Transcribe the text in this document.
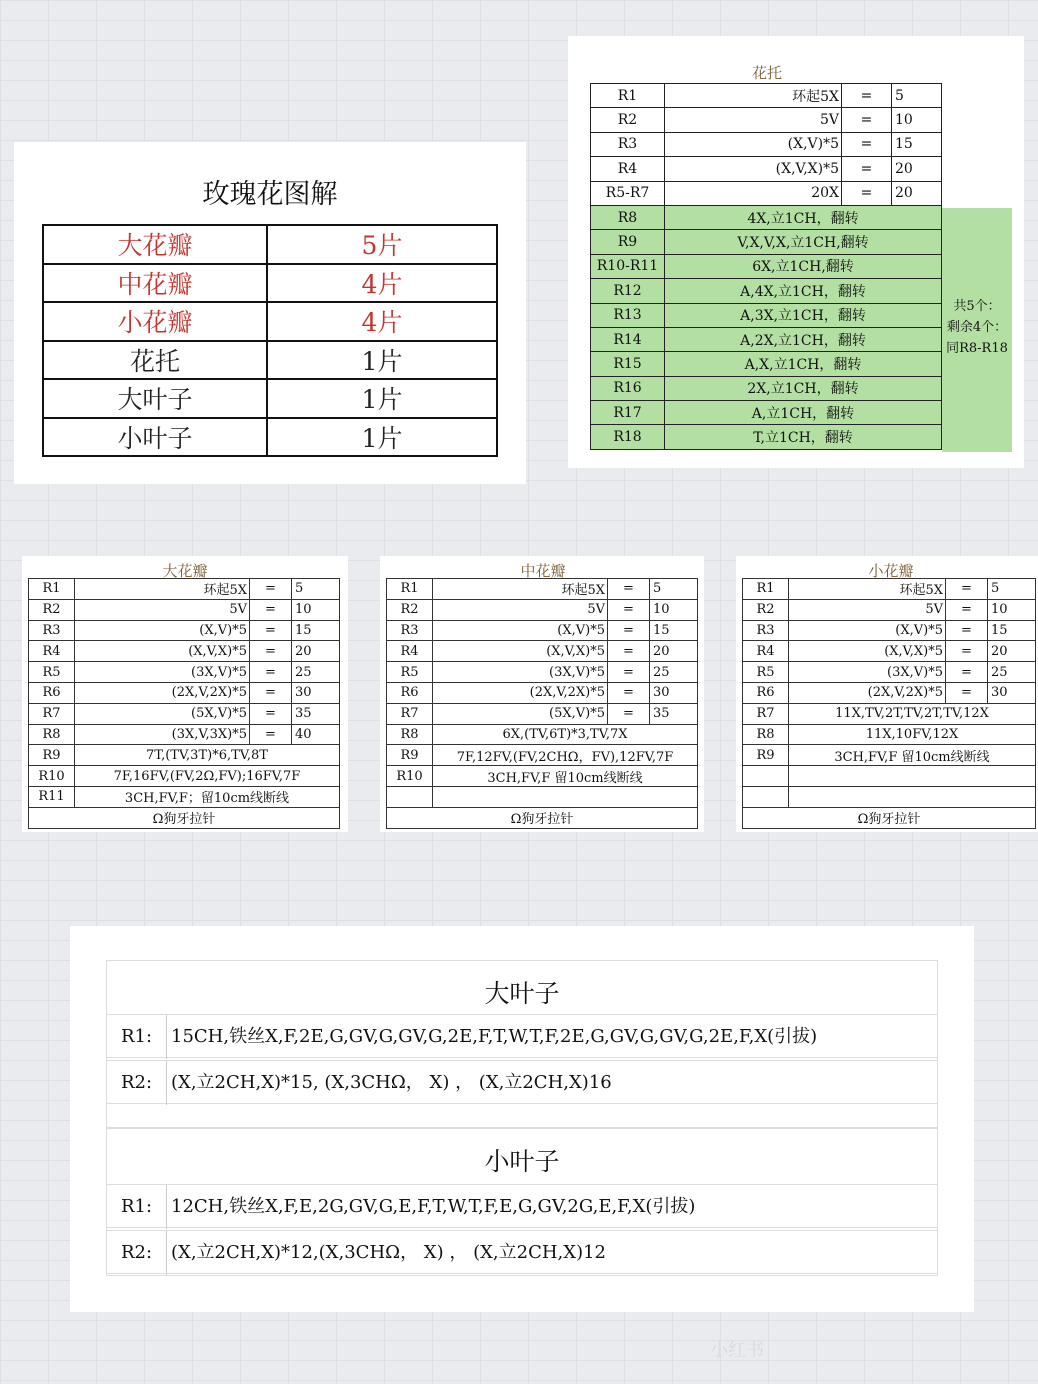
玫瑰花图解
大花瓣	5片
中花瓣	4片
小花瓣	4片
花托	1片
大叶子	1片
小叶子	1片
花托
R1	环起5X	=	5
R2	5V	=	10
R3	(X,V)*5	=	15
R4	(X,V,X)*5	=	20
R5-R7	20X	=	20
R8	4X,立1CH，翻转		
R9	V,X,V,X,立1CH,翻转		
R10-R11	6X,立1CH,翻转		
R12	A,4X,立1CH，翻转		
R13	A,3X,立1CH，翻转		
R14	A,2X,立1CH，翻转		
R15	A,X,立1CH，翻转		
R16	2X,立1CH，翻转		
R17	A,立1CH，翻转		
R18	T,立1CH，翻转		
共5个：
剩余4个：
同R8-R18
大花瓣
R1	环起5X	=	5
R2	5V	=	10
R3	(X,V)*5	=	15
R4	(X,V,X)*5	=	20
R5	(3X,V)*5	=	25
R6	(2X,V,2X)*5	=	30
R7	(5X,V)*5	=	35
R8	(3X,V,3X)*5	=	40
R9	7T,(TV,3T)*6,TV,8T		
R10	7F,16FV,(FV,2Ω,FV);16FV,7F		
R11	3CH,FV,F；留10cm线断线		
Ω狗牙拉针			
中花瓣
R1	环起5X	=	5
R2	5V	=	10
R3	(X,V)*5	=	15
R4	(X,V,X)*5	=	20
R5	(3X,V)*5	=	25
R6	(2X,V,2X)*5	=	30
R7	(5X,V)*5	=	35
R8	6X,(TV,6T)*3,TV,7X		
R9	7F,12FV,(FV,2CHΩ，FV),12FV,7F		
R10	3CH,FV,F 留10cm线断线		

Ω狗牙拉针			
小花瓣
R1	环起5X	=	5
R2	5V	=	10
R3	(X,V)*5	=	15
R4	(X,V,X)*5	=	20
R5	(3X,V)*5	=	25
R6	(2X,V,2X)*5	=	30
R7	11X,TV,2T,TV,2T,TV,12X		
R8	11X,10FV,12X		
R9	3CH,FV,F 留10cm线断线		

Ω狗牙拉针			
大叶子
R1:	15CH,铁丝X,F,2E,G,GV,G,GV,G,2E,F,T,W,T,F,2E,G,GV,G,GV,G,2E,F,X(引拔)
R2:	(X,立2CH,X)*15, (X,3CHΩ， X) ， (X,立2CH,X)16
小叶子
R1:	12CH,铁丝X,F,E,2G,GV,G,E,F,T,W,T,F,E,G,GV,2G,E,F,X(引拔)
R2:	(X,立2CH,X)*12,(X,3CHΩ， X) ， (X,立2CH,X)12
小红书
